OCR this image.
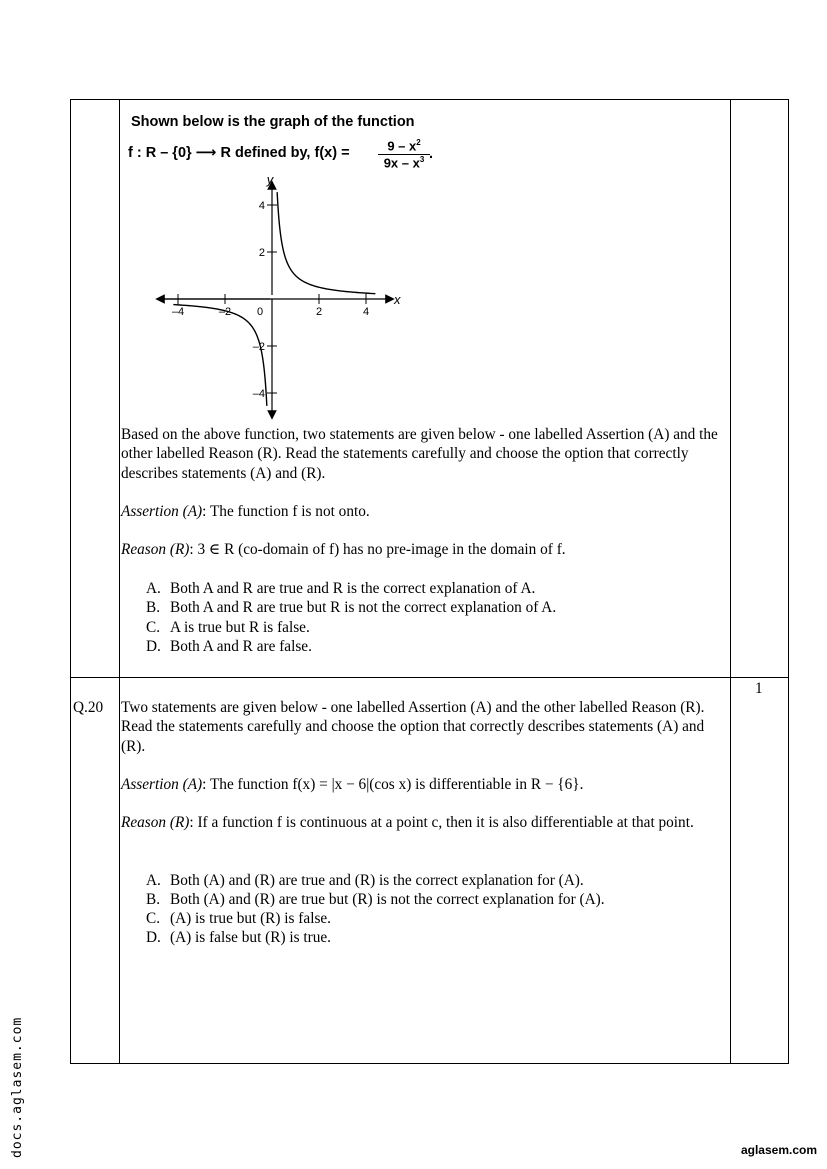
Shown below is the graph of the function
f : R – {0} ⟶ R defined by, f(x) =	$9 - x^2$
$9x - x^3$ .
–4	–2 0	2	4
4
2
–2
–4
x
y
Based on the above function, two statements are given below - one labelled Assertion (A) and the other labelled Reason (R). Read the statements carefully and choose the option that correctly describes statements (A) and (R).
Assertion (A): The function f is not onto.
Reason (R): 3 ∈ R (co-domain of f) has no pre-image in the domain of f.
A. Both A and R are true and R is the correct explanation of A.
B. Both A and R are true but R is not the correct explanation of A.
C. A is true but R is false.
D. Both A and R are false.
Q.20
1
Two statements are given below - one labelled Assertion (A) and the other labelled Reason (R). Read the statements carefully and choose the option that correctly describes statements (A) and (R).
Assertion (A): The function f(x) = |x − 6|(cos x) is differentiable in R − {6}.
Reason (R): If a function f is continuous at a point c, then it is also differentiable at that point.
A. Both (A) and (R) are true and (R) is the correct explanation for (A).
B. Both (A) and (R) are true but (R) is not the correct explanation for (A).
C. (A) is true but (R) is false.
D. (A) is false but (R) is true.
docs.aglasem.com	aglasem.com
